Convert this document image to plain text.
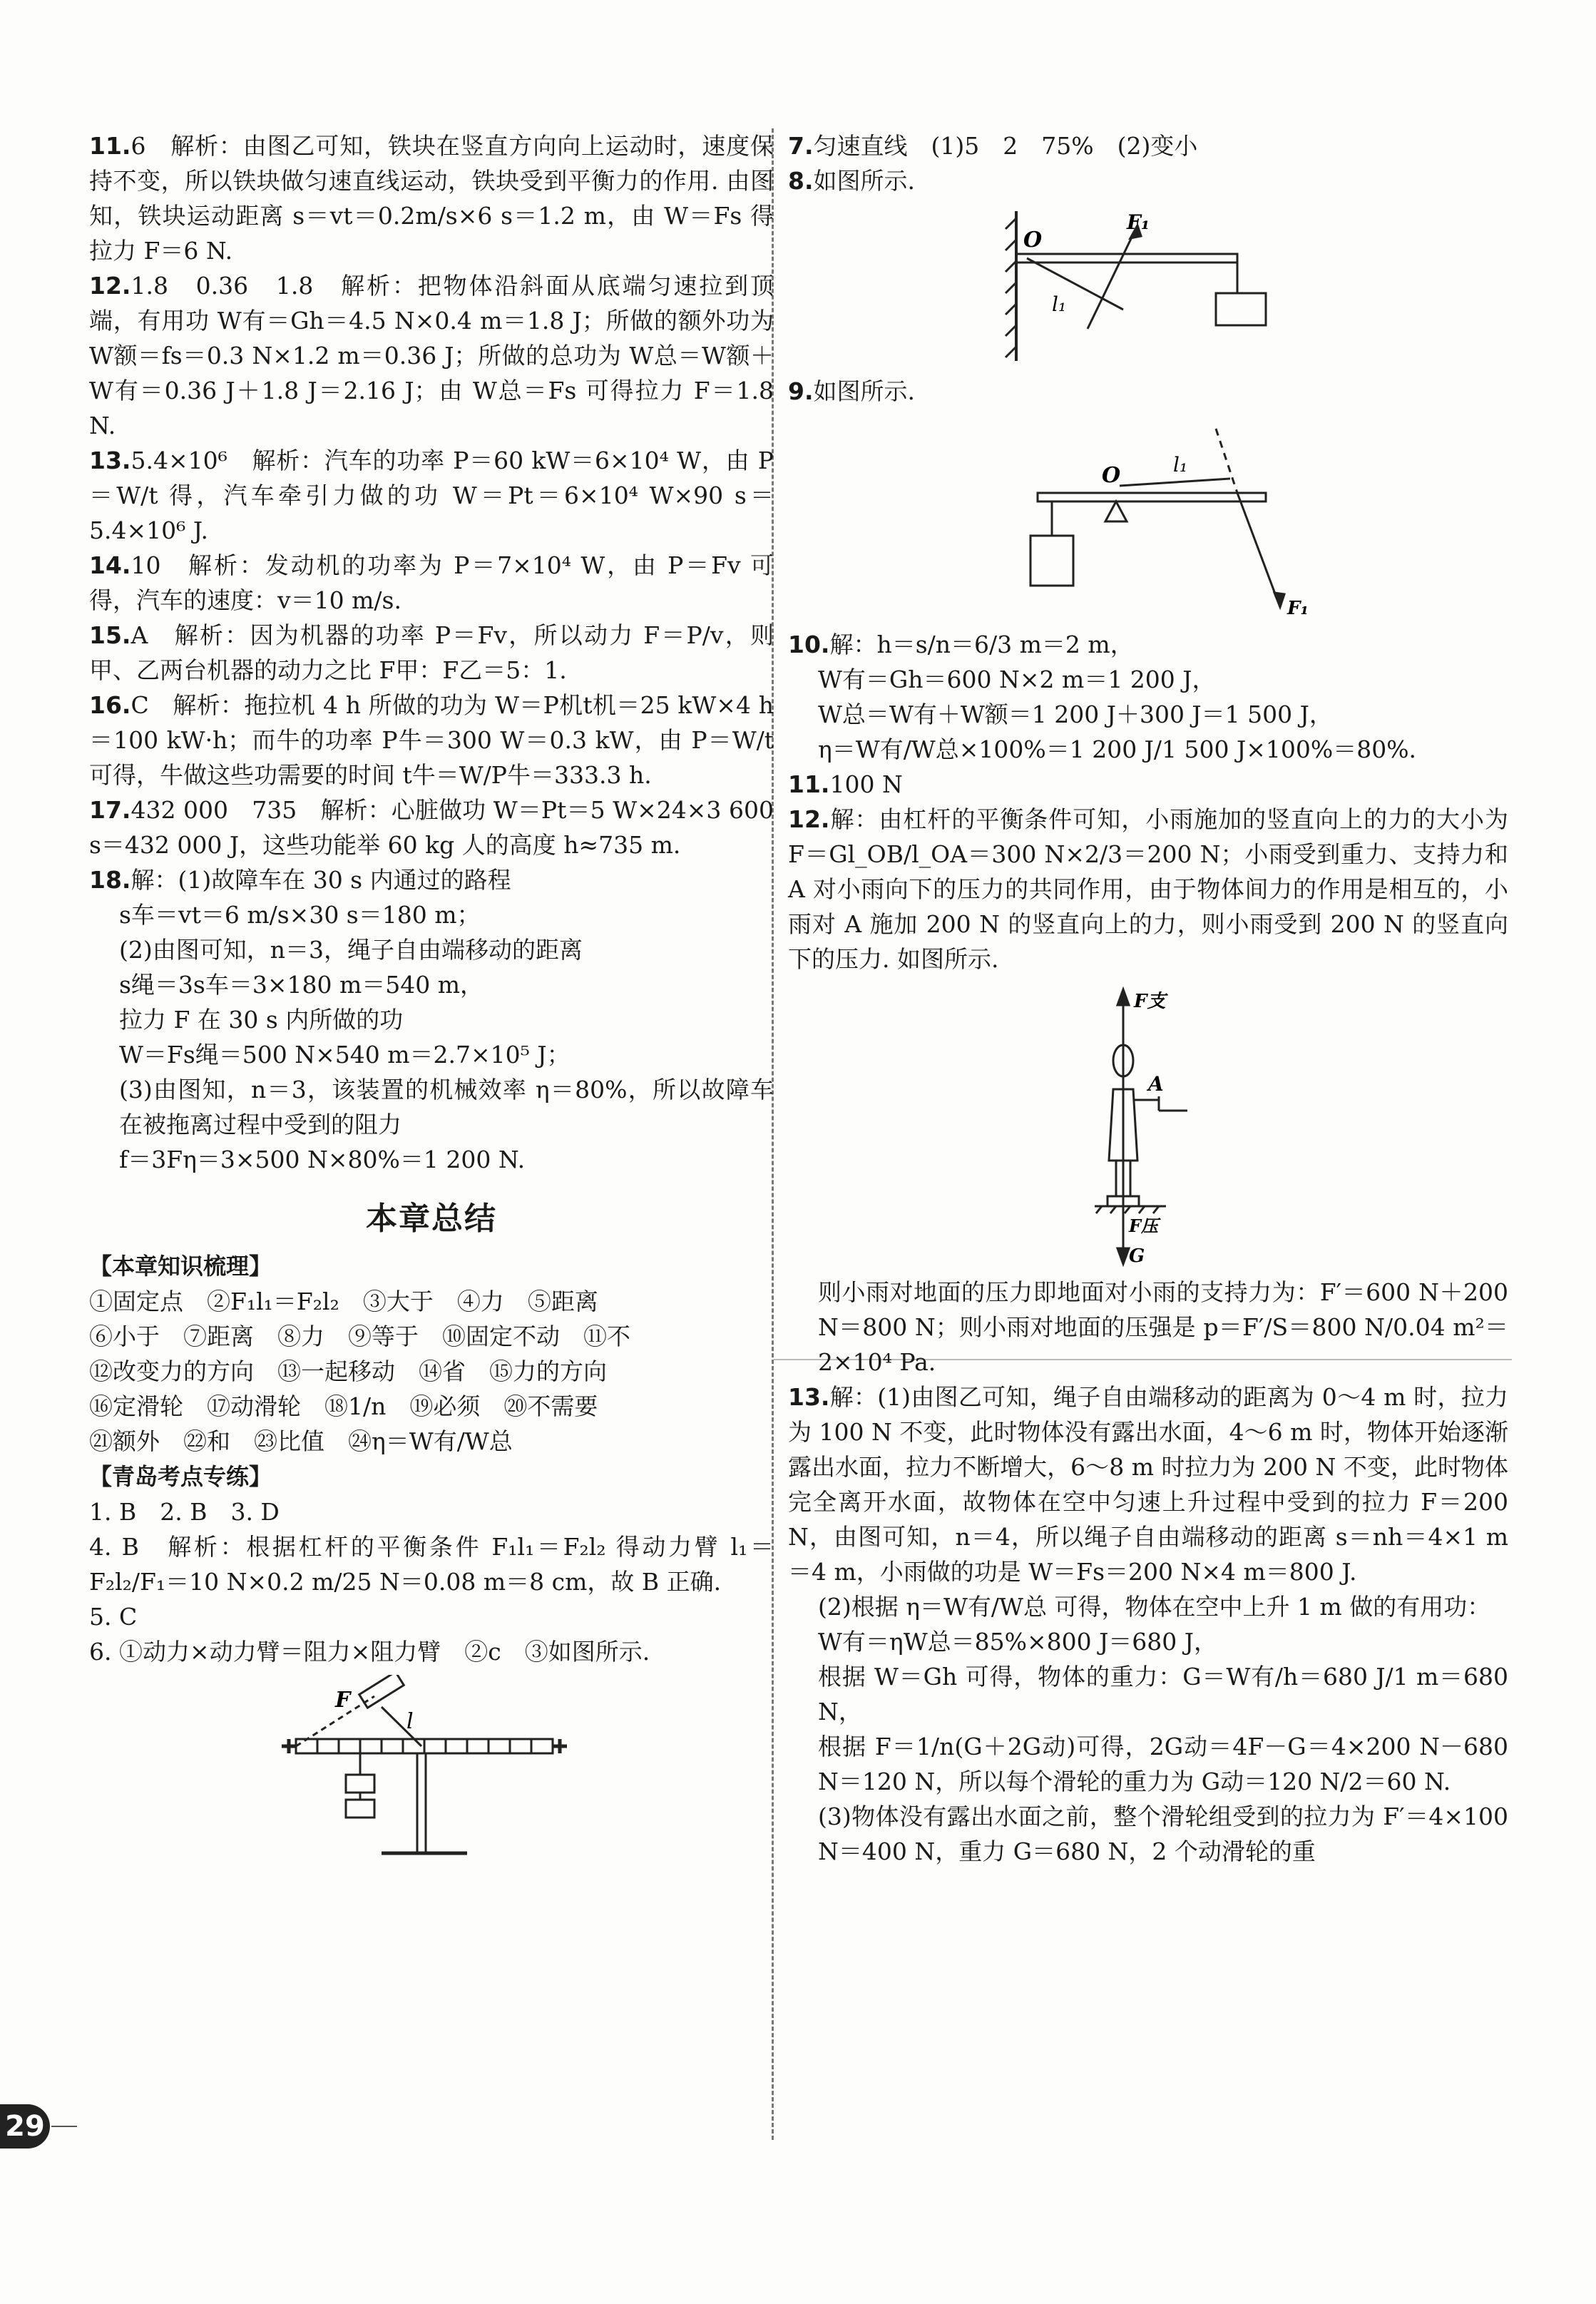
11.6　解析：由图乙可知，铁块在竖直方向向上运动时，速度保持不变，所以铁块做匀速直线运动，铁块受到平衡力的作用. 由图知，铁块运动距离 s＝vt＝0.2m/s×6 s＝1.2 m，由 W＝Fs 得拉力 F＝6 N.

12.1.8　0.36　1.8　解析：把物体沿斜面从底端匀速拉到顶端，有用功 W有＝Gh＝4.5 N×0.4 m＝1.8 J；所做的额外功为 W额＝fs＝0.3 N×1.2 m＝0.36 J；所做的总功为 W总＝W额＋W有＝0.36 J＋1.8 J＝2.16 J；由 W总＝Fs 可得拉力 F＝1.8 N.

13.5.4×10⁶　解析：汽车的功率 P＝60 kW＝6×10⁴ W，由 P＝W/t 得，汽车牵引力做的功 W＝Pt＝6×10⁴ W×90 s＝5.4×10⁶ J.

14.10　解析：发动机的功率为 P＝7×10⁴ W，由 P＝Fv 可得，汽车的速度：v＝10 m/s.

15.A　解析：因为机器的功率 P＝Fv，所以动力 F＝P/v，则甲、乙两台机器的动力之比 F甲：F乙＝5：1.

16.C　解析：拖拉机 4 h 所做的功为 W＝P机t机＝25 kW×4 h＝100 kW·h；而牛的功率 P牛＝300 W＝0.3 kW，由 P＝W/t 可得，牛做这些功需要的时间 t牛＝W/P牛＝333.3 h.

17.432 000　735　解析：心脏做功 W＝Pt＝5 W×24×3 600 s＝432 000 J，这些功能举 60 kg 人的高度 h≈735 m.

18.解：(1)故障车在 30 s 内通过的路程

s车＝vt＝6 m/s×30 s＝180 m；

(2)由图可知，n＝3，绳子自由端移动的距离

s绳＝3s车＝3×180 m＝540 m，

拉力 F 在 30 s 内所做的功

W＝Fs绳＝500 N×540 m＝2.7×10⁵ J；

(3)由图知，n＝3，该装置的机械效率 η＝80%，所以故障车在被拖离过程中受到的阻力

f＝3Fη＝3×500 N×80%＝1 200 N.

本章总结
【本章知识梳理】

①固定点　②F₁l₁＝F₂l₂　③大于　④力　⑤距离

⑥小于　⑦距离　⑧力　⑨等于　⑩固定不动　⑪不

⑫改变力的方向　⑬一起移动　⑭省　⑮力的方向

⑯定滑轮　⑰动滑轮　⑱1/n　⑲必须　⑳不需要

㉑额外　㉒和　㉓比值　㉔η＝W有/W总

【青岛考点专练】

1. B　2. B　3. D

4. B　解析：根据杠杆的平衡条件 F₁l₁＝F₂l₂ 得动力臂 l₁＝F₂l₂/F₁＝10 N×0.2 m/25 N＝0.08 m＝8 cm，故 B 正确.

5. C

6. ①动力×动力臂＝阻力×阻力臂　②c　③如图所示.

F
l

7.匀速直线　(1)5　2　75%　(2)变小

8.如图所示.

O
F₁
l₁

9.如图所示.

O	l₁
F₁

10.解：h＝s/n＝6/3 m＝2 m，

W有＝Gh＝600 N×2 m＝1 200 J，

W总＝W有＋W额＝1 200 J＋300 J＝1 500 J，

η＝W有/W总×100%＝1 200 J/1 500 J×100%＝80%.

11.100 N

12.解：由杠杆的平衡条件可知，小雨施加的竖直向上的力的大小为 F＝Gl_OB/l_OA＝300 N×2/3＝200 N；小雨受到重力、支持力和 A 对小雨向下的压力的共同作用，由于物体间力的作用是相互的，小雨对 A 施加 200 N 的竖直向上的力，则小雨受到 200 N 的竖直向下的压力. 如图所示.

F支
A
F压
G

则小雨对地面的压力即地面对小雨的支持力为：F′＝600 N＋200 N＝800 N；则小雨对地面的压强是 p＝F′/S＝800 N/0.04 m²＝2×10⁴ Pa.

13.解：(1)由图乙可知，绳子自由端移动的距离为 0～4 m 时，拉力为 100 N 不变，此时物体没有露出水面，4～6 m 时，物体开始逐渐露出水面，拉力不断增大，6～8 m 时拉力为 200 N 不变，此时物体完全离开水面，故物体在空中匀速上升过程中受到的拉力 F＝200 N，由图可知，n＝4，所以绳子自由端移动的距离 s＝nh＝4×1 m＝4 m，小雨做的功是 W＝Fs＝200 N×4 m＝800 J.

(2)根据 η＝W有/W总 可得，物体在空中上升 1 m 做的有用功：

W有＝ηW总＝85%×800 J＝680 J，

根据 W＝Gh 可得，物体的重力：G＝W有/h＝680 J/1 m＝680 N，

根据 F＝1/n(G＋2G动)可得，2G动＝4F－G＝4×200 N－680 N＝120 N，所以每个滑轮的重力为 G动＝120 N/2＝60 N.

(3)物体没有露出水面之前，整个滑轮组受到的拉力为 F′＝4×100 N＝400 N，重力 G＝680 N，2 个动滑轮的重

29
